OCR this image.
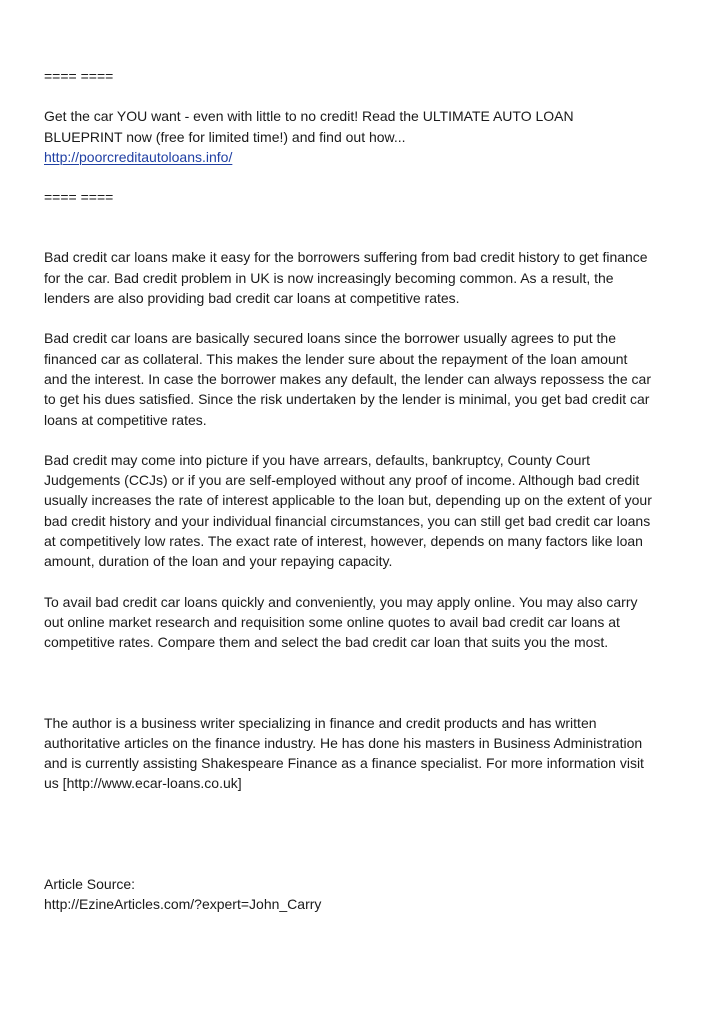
==== ====
Get the car YOU want - even with little to no credit! Read the ULTIMATE AUTO LOAN
BLUEPRINT now (free for limited time!) and find out how...
http://poorcreditautoloans.info/
==== ====
Bad credit car loans make it easy for the borrowers suffering from bad credit history to get finance
for the car. Bad credit problem in UK is now increasingly becoming common. As a result, the
lenders are also providing bad credit car loans at competitive rates.
Bad credit car loans are basically secured loans since the borrower usually agrees to put the
financed car as collateral. This makes the lender sure about the repayment of the loan amount
and the interest. In case the borrower makes any default, the lender can always repossess the car
to get his dues satisfied. Since the risk undertaken by the lender is minimal, you get bad credit car
loans at competitive rates.
Bad credit may come into picture if you have arrears, defaults, bankruptcy, County Court
Judgements (CCJs) or if you are self-employed without any proof of income. Although bad credit
usually increases the rate of interest applicable to the loan but, depending up on the extent of your
bad credit history and your individual financial circumstances, you can still get bad credit car loans
at competitively low rates. The exact rate of interest, however, depends on many factors like loan
amount, duration of the loan and your repaying capacity.
To avail bad credit car loans quickly and conveniently, you may apply online. You may also carry
out online market research and requisition some online quotes to avail bad credit car loans at
competitive rates. Compare them and select the bad credit car loan that suits you the most.
The author is a business writer specializing in finance and credit products and has written
authoritative articles on the finance industry. He has done his masters in Business Administration
and is currently assisting Shakespeare Finance as a finance specialist. For more information visit
us [http://www.ecar-loans.co.uk]
Article Source:
http://EzineArticles.com/?expert=John_Carry
